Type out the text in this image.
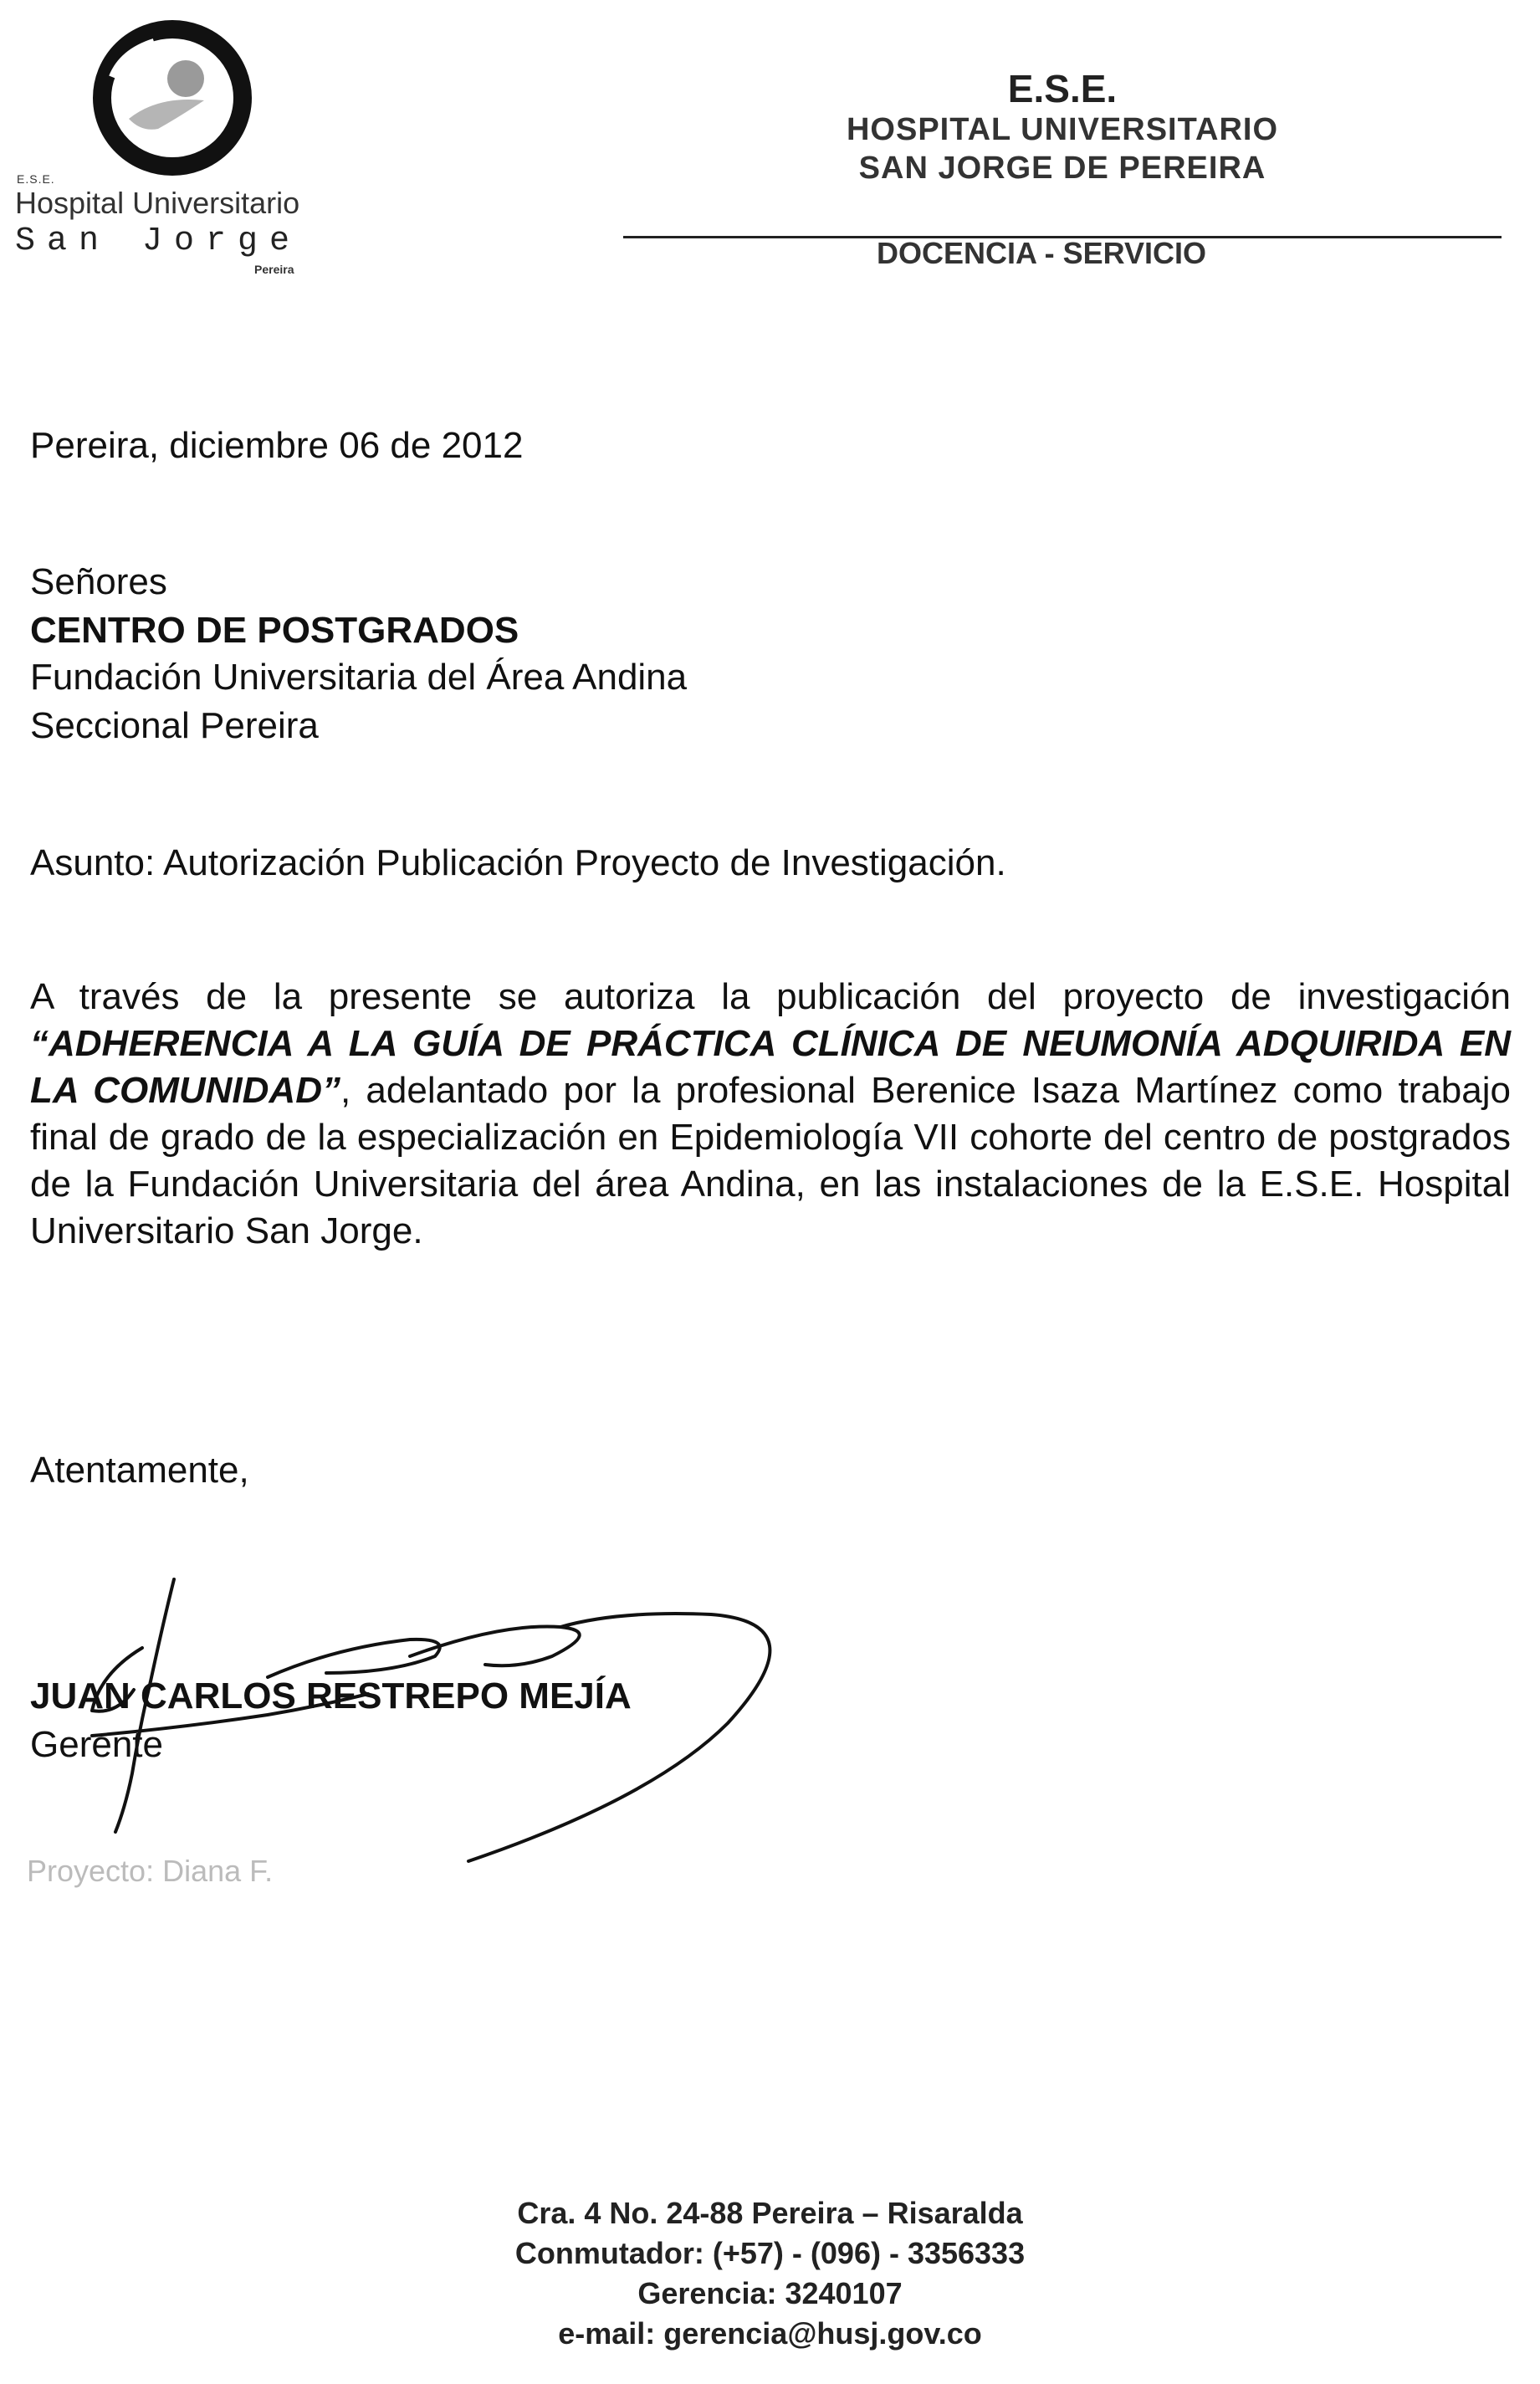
E.S.E.
Hospital Universitario
San Jorge
Pereira
E.S.E.
HOSPITAL UNIVERSITARIO
SAN JORGE DE PEREIRA
DOCENCIA - SERVICIO
Pereira, diciembre 06 de 2012
Señores
CENTRO DE POSTGRADOS
Fundación Universitaria del Área Andina
Seccional Pereira
Asunto: Autorización Publicación Proyecto de Investigación.
A través de la presente se autoriza la publicación del proyecto de investigación “ADHERENCIA A LA GUÍA DE PRÁCTICA CLÍNICA DE NEUMONÍA ADQUIRIDA EN LA COMUNIDAD”, adelantado por la profesional Berenice Isaza Martínez como trabajo final de grado de la especialización en Epidemiología VII cohorte del centro de postgrados de la Fundación Universitaria del área Andina, en las instalaciones de la E.S.E. Hospital Universitario San Jorge.
Atentamente,
JUAN CARLOS RESTREPO MEJÍA
Gerente
Proyecto: Diana F.
Cra. 4 No. 24-88 Pereira – Risaralda
Conmutador: (+57) - (096) - 3356333
Gerencia: 3240107
e-mail: gerencia@husj.gov.co
